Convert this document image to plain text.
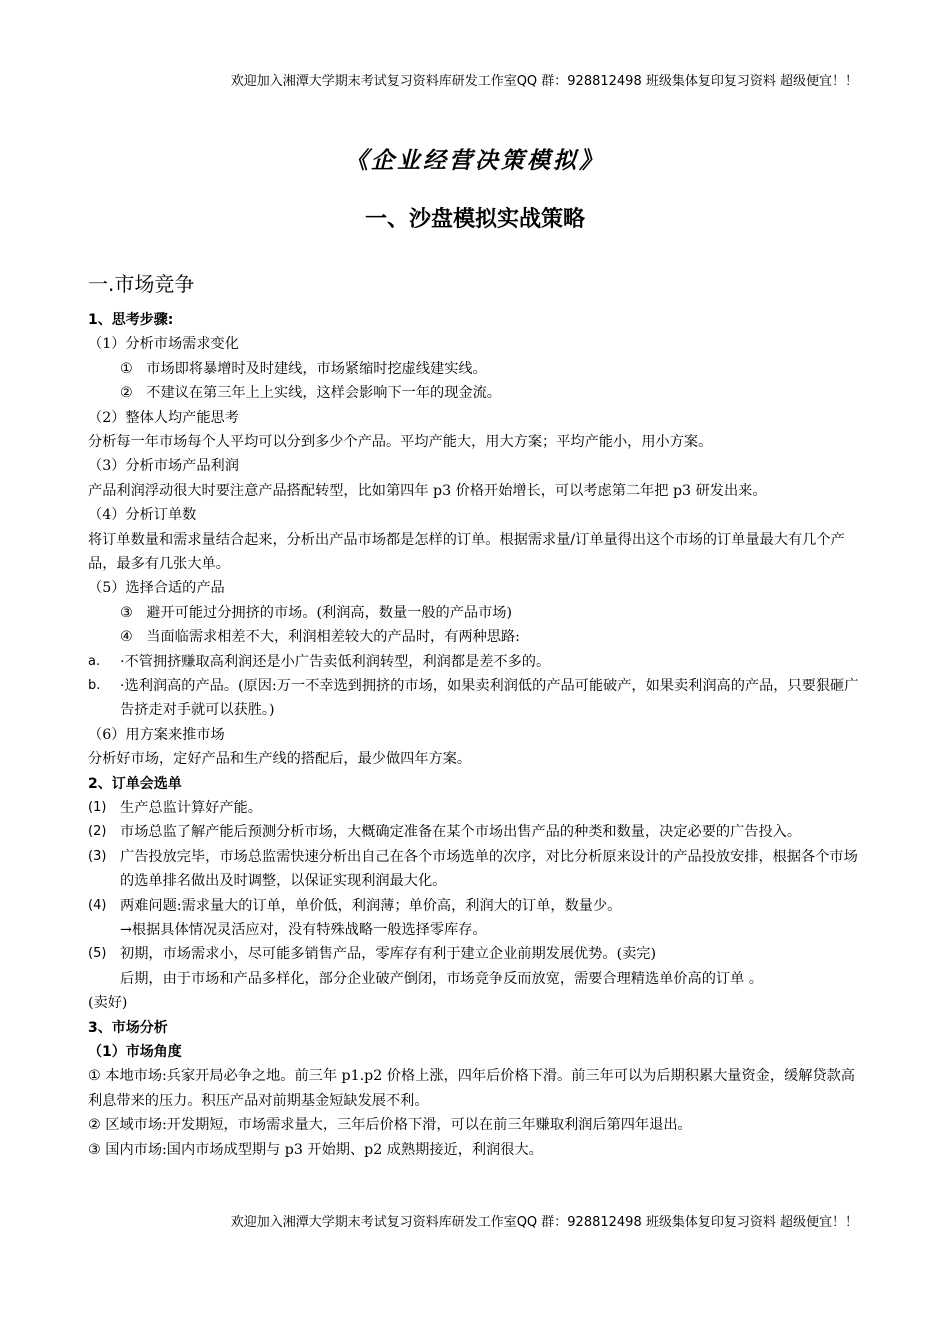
欢迎加入湘潭大学期末考试复习资料库研发工作室QQ 群：928812498 班级集体复印复习资料 超级便宜！！
《企业经营决策模拟》
一、沙盘模拟实战策略
一.市场竞争
1、思考步骤:
（1）分析市场需求变化
① 市场即将暴增时及时建线，市场紧缩时挖虚线建实线。
② 不建议在第三年上上实线，这样会影响下一年的现金流。
（2）整体人均产能思考
分析每一年市场每个人平均可以分到多少个产品。平均产能大，用大方案；平均产能小，用小方案。
（3）分析市场产品利润
产品利润浮动很大时要注意产品搭配转型，比如第四年 p3 价格开始增长，可以考虑第二年把 p3 研发出来。
（4）分析订单数
将订单数量和需求量结合起来，分析出产品市场都是怎样的订单。根据需求量/订单量得出这个市场的订单量最大有几个产品，最多有几张大单。
（5）选择合适的产品
③ 避开可能过分拥挤的市场。(利润高，数量一般的产品市场)
④ 当面临需求相差不大，利润相差较大的产品时，有两种思路:
a.	·不管拥挤赚取高利润还是小广告卖低利润转型，利润都是差不多的。
b.	·选利润高的产品。(原因:万一不幸选到拥挤的市场，如果卖利润低的产品可能破产，如果卖利润高的产品，只要狠砸广告挤走对手就可以获胜。)
（6）用方案来推市场
分析好市场，定好产品和生产线的搭配后，最少做四年方案。
2、订单会选单
(1) 生产总监计算好产能。
(2) 市场总监了解产能后预测分析市场，大概确定准备在某个市场出售产品的种类和数量，决定必要的广告投入。
(3) 广告投放完毕，市场总监需快速分析出自己在各个市场选单的次序，对比分析原来设计的产品投放安排，根据各个市场的选单排名做出及时调整，以保证实现利润最大化。
(4) 两难问题:需求量大的订单，单价低，利润薄；单价高，利润大的订单，数量少。
→根据具体情况灵活应对，没有特殊战略一般选择零库存。
(5) 初期，市场需求小，尽可能多销售产品，零库存有利于建立企业前期发展优势。(卖完)
后期，由于市场和产品多样化，部分企业破产倒闭，市场竞争反而放宽，需要合理精选单价高的订单 。
(卖好)
3、市场分析
（1）市场角度
① 本地市场:兵家开局必争之地。前三年 p1.p2 价格上涨，四年后价格下滑。前三年可以为后期积累大量资金，缓解贷款高利息带来的压力。积压产品对前期基金短缺发展不利。
② 区域市场:开发期短，市场需求量大，三年后价格下滑，可以在前三年赚取利润后第四年退出。
③ 国内市场:国内市场成型期与 p3 开始期、p2 成熟期接近，利润很大。
欢迎加入湘潭大学期末考试复习资料库研发工作室QQ 群：928812498 班级集体复印复习资料 超级便宜！！
